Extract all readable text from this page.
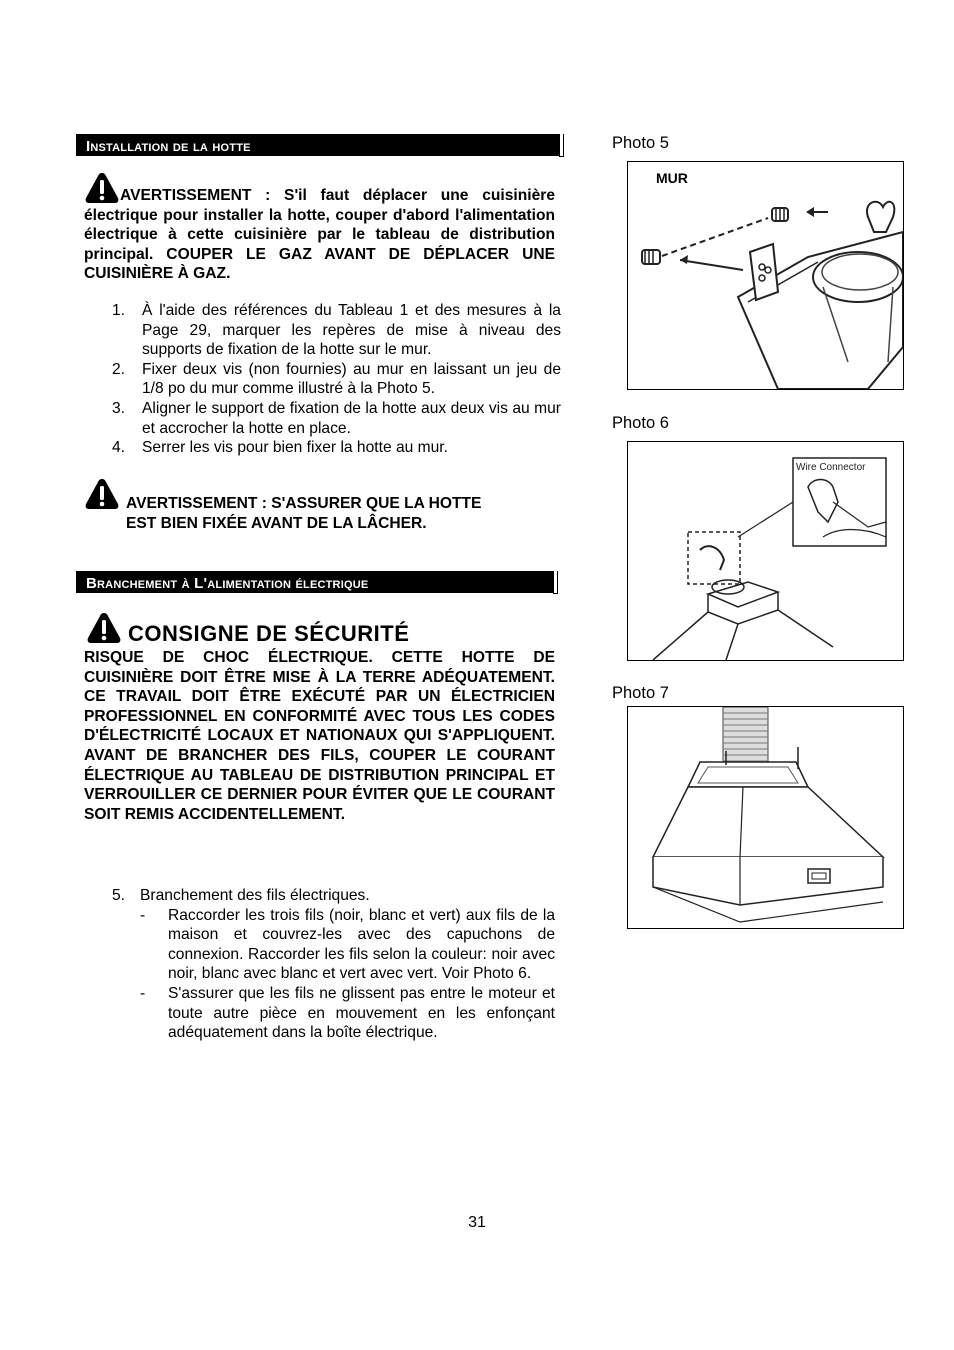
Installation de la hotte
AVERTISSEMENT : S'il faut déplacer une cuisinière électrique pour installer la hotte, couper d'abord l'alimentation électrique à cette cuisinière par le tableau de distribution principal. COUPER LE GAZ AVANT DE DÉPLACER UNE CUISINIÈRE À GAZ.
1. À l'aide des références du Tableau 1 et des mesures à la Page 29, marquer les repères de mise à niveau des supports de fixation de la hotte sur le mur.
2. Fixer deux vis (non fournies) au mur en laissant un jeu de 1/8 po du mur comme illustré à la Photo 5.
3. Aligner le support de fixation de la hotte aux deux vis au mur et accrocher la hotte en place.
4. Serrer les vis pour bien fixer la hotte au mur.
AVERTISSEMENT : S'ASSURER QUE LA HOTTE
EST BIEN FIXÉE AVANT DE LA LÂCHER.
Branchement à L'alimentation électrique
CONSIGNE DE SÉCURITÉ
RISQUE DE CHOC ÉLECTRIQUE. CETTE HOTTE DE CUISINIÈRE DOIT ÊTRE MISE À LA TERRE ADÉQUATEMENT. CE TRAVAIL DOIT ÊTRE EXÉCUTÉ PAR UN ÉLECTRICIEN PROFESSIONNEL EN CONFORMITÉ AVEC TOUS LES CODES D'ÉLECTRICITÉ LOCAUX ET NATIONAUX QUI S'APPLIQUENT. AVANT DE BRANCHER DES FILS, COUPER LE COURANT ÉLECTRIQUE AU TABLEAU DE DISTRIBUTION PRINCIPAL ET VERROUILLER CE DERNIER POUR ÉVITER QUE LE COURANT SOIT REMIS ACCIDENTELLEMENT.
5. Branchement des fils électriques.
- Raccorder les trois fils (noir, blanc et vert) aux fils de la maison et couvrez-les avec des capuchons de connexion. Raccorder les fils selon la couleur: noir avec noir, blanc avec blanc et vert avec vert. Voir Photo 6.
- S'assurer que les fils ne glissent pas entre le moteur et toute autre pièce en mouvement en les enfonçant adéquatement dans la boîte électrique.
Photo 5
MUR
Photo 6
Wire Connector
Photo 7
31
